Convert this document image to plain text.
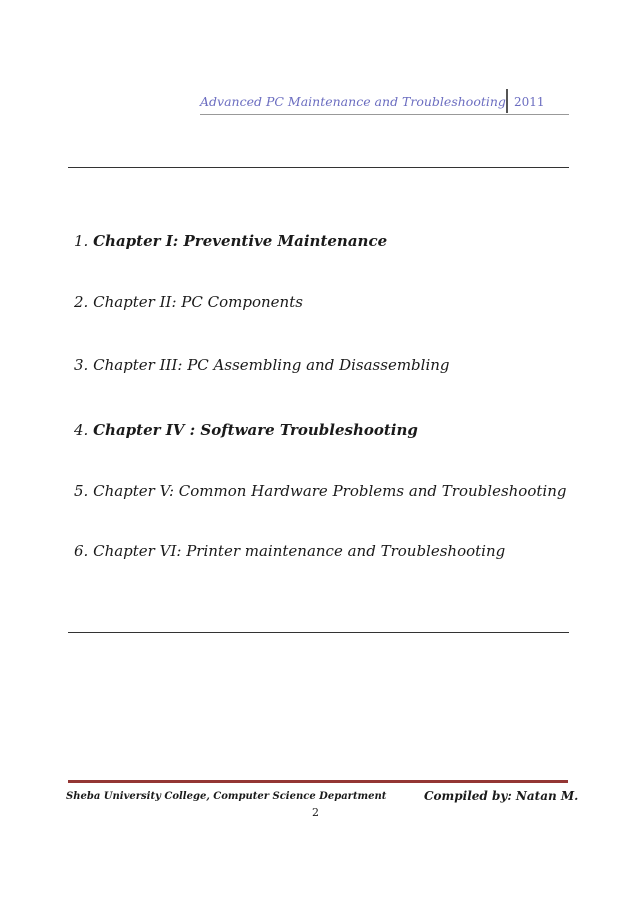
Advanced PC Maintenance and Troubleshooting 2011
1. Chapter I: Preventive Maintenance
2. Chapter II: PC Components
3. Chapter III: PC Assembling and Disassembling
4. Chapter IV : Software Troubleshooting
5. Chapter V: Common Hardware Problems and Troubleshooting
6. Chapter VI: Printer maintenance and Troubleshooting
Sheba University College, Computer Science Department	Compiled by: Natan M.
2
